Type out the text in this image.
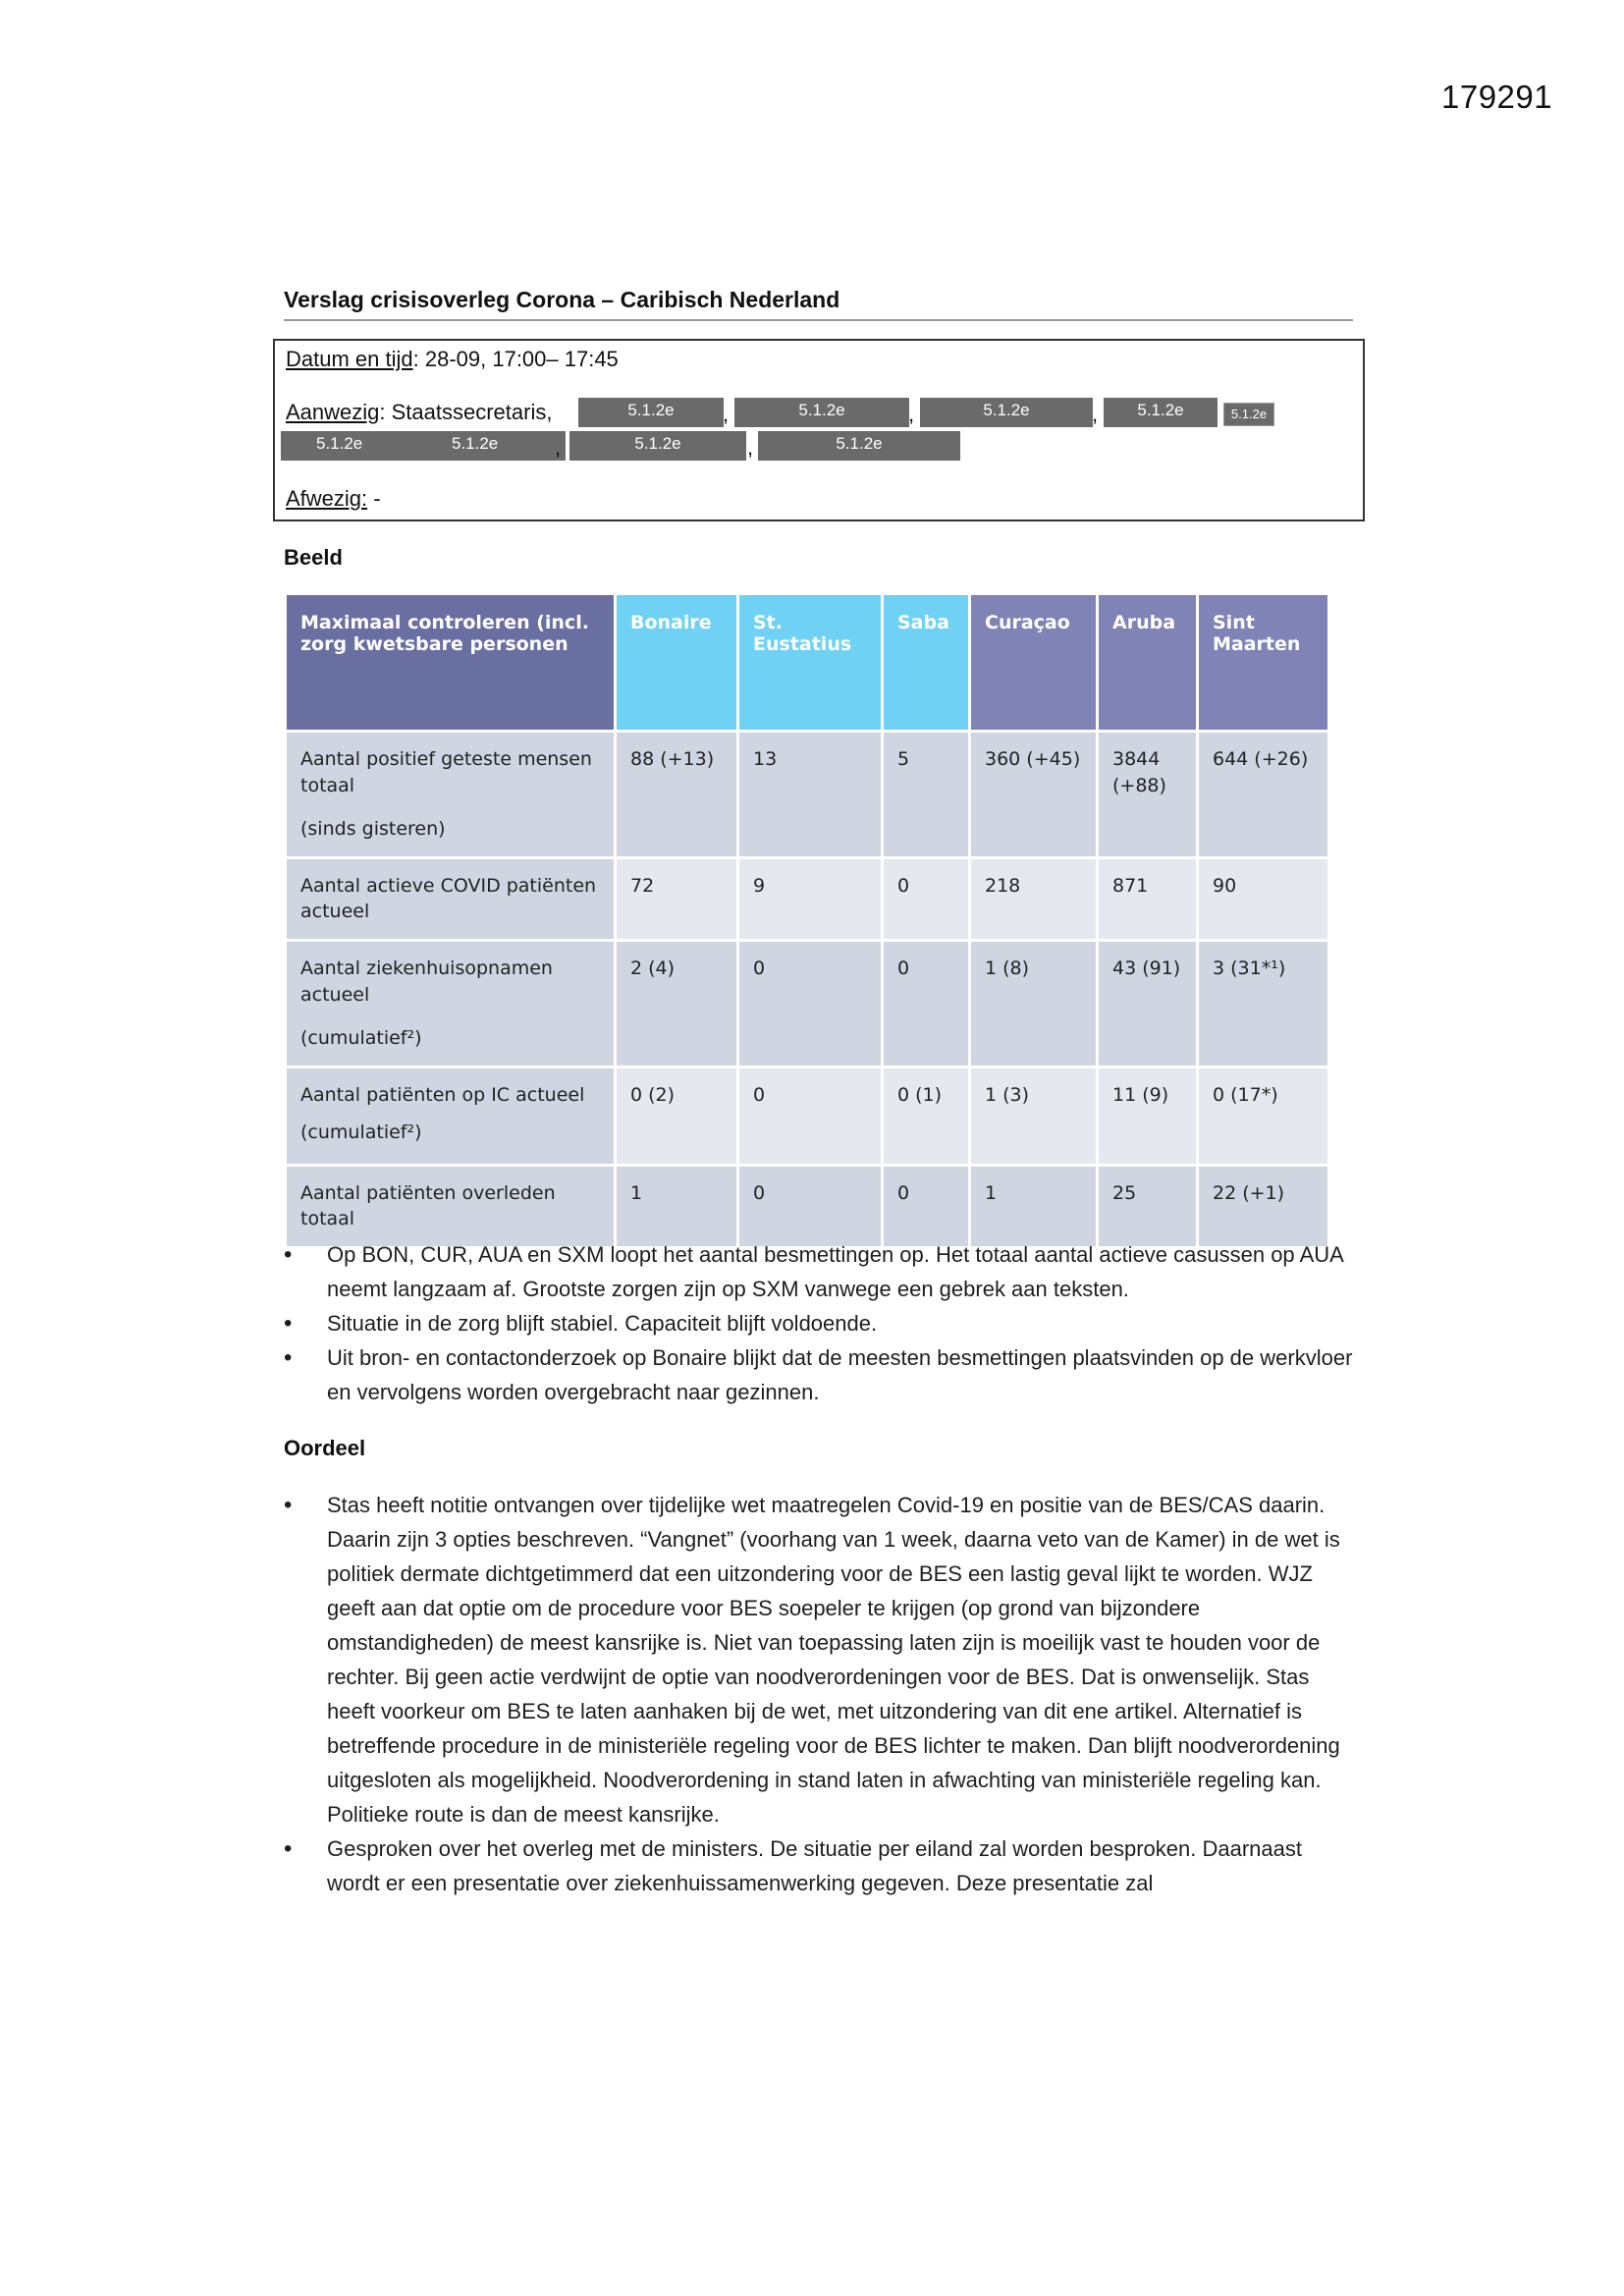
179291
Verslag crisisoverleg Corona – Caribisch Nederland
Datum en tijd: 28-09, 17:00– 17:45
Aanwezig: Staatssecretaris,	5.1.2e	,	5.1.2e	,	5.1.2e	,	5.1.2e	5.1.2e
5.1.2e	5.1.2e	,	5.1.2e	,	5.1.2e
Afwezig: -
Beeld
Maximaal controleren (incl. zorg kwetsbare personen	Bonaire	St. Eustatius	Saba	Curaçao	Aruba	Sint Maarten
Aantal positief geteste mensen totaal
(sinds gisteren)	88 (+13)	13	5	360 (+45)	3844 (+88)	644 (+26)
Aantal actieve COVID patiënten actueel	72	9	0	218	871	90
Aantal ziekenhuisopnamen actueel
(cumulatief²)	2 (4)	0	0	1 (8)	43 (91)	3 (31*¹)
Aantal patiënten op IC actueel
(cumulatief²)	0 (2)	0	0 (1)	1 (3)	11 (9)	0 (17*)
Aantal patiënten overleden totaal	1	0	0	1	25	22 (+1)
• Op BON, CUR, AUA en SXM loopt het aantal besmettingen op. Het totaal aantal actieve casussen op AUA neemt langzaam af. Grootste zorgen zijn op SXM vanwege een gebrek aan teksten.
• Situatie in de zorg blijft stabiel. Capaciteit blijft voldoende.
• Uit bron- en contactonderzoek op Bonaire blijkt dat de meesten besmettingen plaatsvinden op de werkvloer en vervolgens worden overgebracht naar gezinnen.
Oordeel
• Stas heeft notitie ontvangen over tijdelijke wet maatregelen Covid-19 en positie van de BES/CAS daarin. Daarin zijn 3 opties beschreven. “Vangnet” (voorhang van 1 week, daarna veto van de Kamer) in de wet is politiek dermate dichtgetimmerd dat een uitzondering voor de BES een lastig geval lijkt te worden. WJZ geeft aan dat optie om de procedure voor BES soepeler te krijgen (op grond van bijzondere omstandigheden) de meest kansrijke is. Niet van toepassing laten zijn is moeilijk vast te houden voor de rechter. Bij geen actie verdwijnt de optie van noodverordeningen voor de BES. Dat is onwenselijk. Stas heeft voorkeur om BES te laten aanhaken bij de wet, met uitzondering van dit ene artikel. Alternatief is betreffende procedure in de ministeriële regeling voor de BES lichter te maken. Dan blijft noodverordening uitgesloten als mogelijkheid. Noodverordening in stand laten in afwachting van ministeriële regeling kan. Politieke route is dan de meest kansrijke.
• Gesproken over het overleg met de ministers. De situatie per eiland zal worden besproken. Daarnaast wordt er een presentatie over ziekenhuissamenwerking gegeven. Deze presentatie zal
